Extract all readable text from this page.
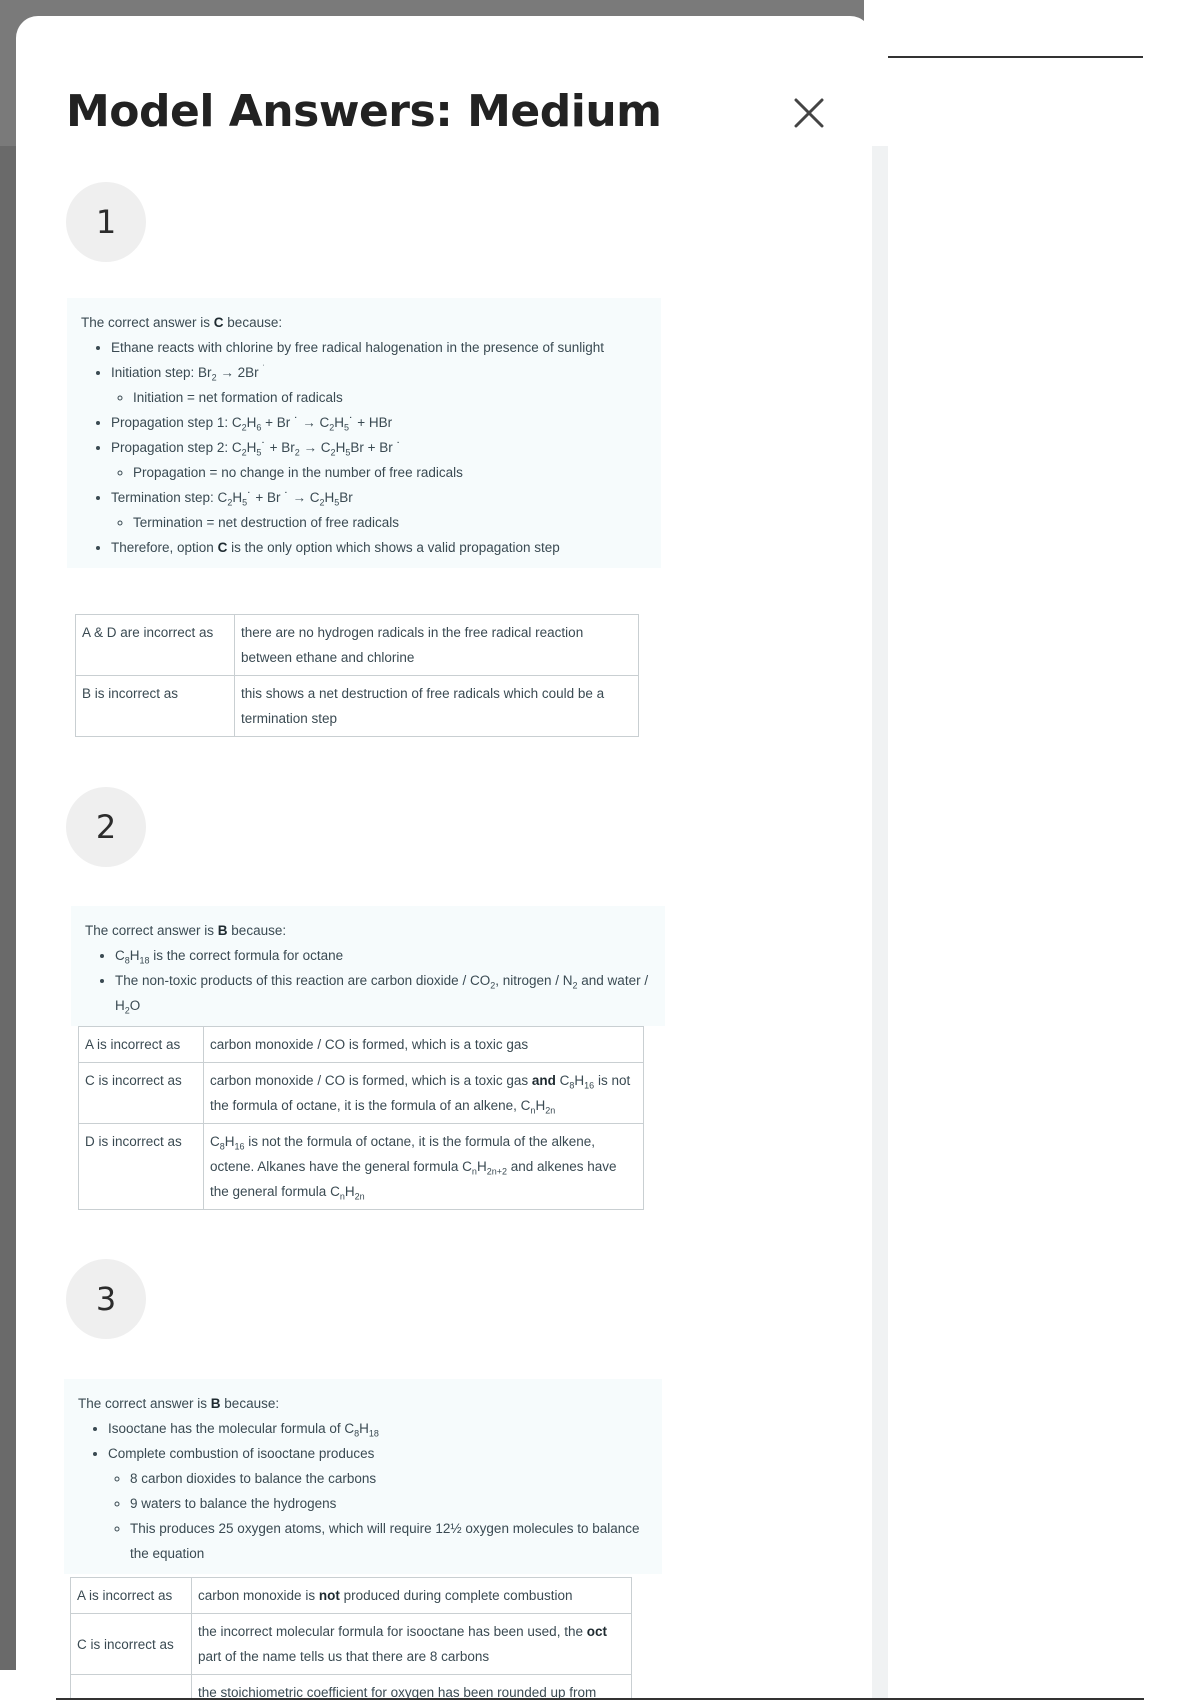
Model Answers: Medium
1

The correct answer is C because:

• Ethane reacts with chlorine by free radical halogenation in the presence of sunlight
• Initiation step: $Br_2 \to 2Br$ ˙
◦ Initiation = net formation of radicals
• Propagation step 1: $C_2H_6 + Br$ ˙ → $C_2H_5˙$ + HBr
• Propagation step 2: $C_2H_5˙ + Br_2 \to C_2H_5Br + Br$ ˙
◦ Propagation = no change in the number of free radicals
• Termination step: $C_2H_5˙ + Br$ ˙ → $C_2H_5Br$
◦ Termination = net destruction of free radicals
• Therefore, option C is the only option which shows a valid propagation step
A & D are incorrect as	there are no hydrogen radicals in the free radical reaction between ethane and chlorine
B is incorrect as	this shows a net destruction of free radicals which could be a termination step
2

The correct answer is B because:

• $C_8H_{18}$ is the correct formula for octane
• The non-toxic products of this reaction are carbon dioxide / $CO_2$, nitrogen / $N_2$ and water / $H_2O$
A is incorrect as	carbon monoxide / CO is formed, which is a toxic gas
C is incorrect as	carbon monoxide / CO is formed, which is a toxic gas and $C_8H_{16}$ is not the formula of octane, it is the formula of an alkene, $C_nH_{2n}$
D is incorrect as	$C_8H_{16}$ is not the formula of octane, it is the formula of the alkene, octene. Alkanes have the general formula $C_nH_{2n+2}$ and alkenes have the general formula $C_nH_{2n}$
3

The correct answer is B because:

• Isooctane has the molecular formula of $C_8H_{18}$
• Complete combustion of isooctane produces
◦ 8 carbon dioxides to balance the carbons
◦ 9 waters to balance the hydrogens
◦ This produces 25 oxygen atoms, which will require 12½ oxygen molecules to balance the equation
A is incorrect as	carbon monoxide is not produced during complete combustion
C is incorrect as	the incorrect molecular formula for isooctane has been used, the oct part of the name tells us that there are 8 carbons
	the stoichiometric coefficient for oxygen has been rounded up from
